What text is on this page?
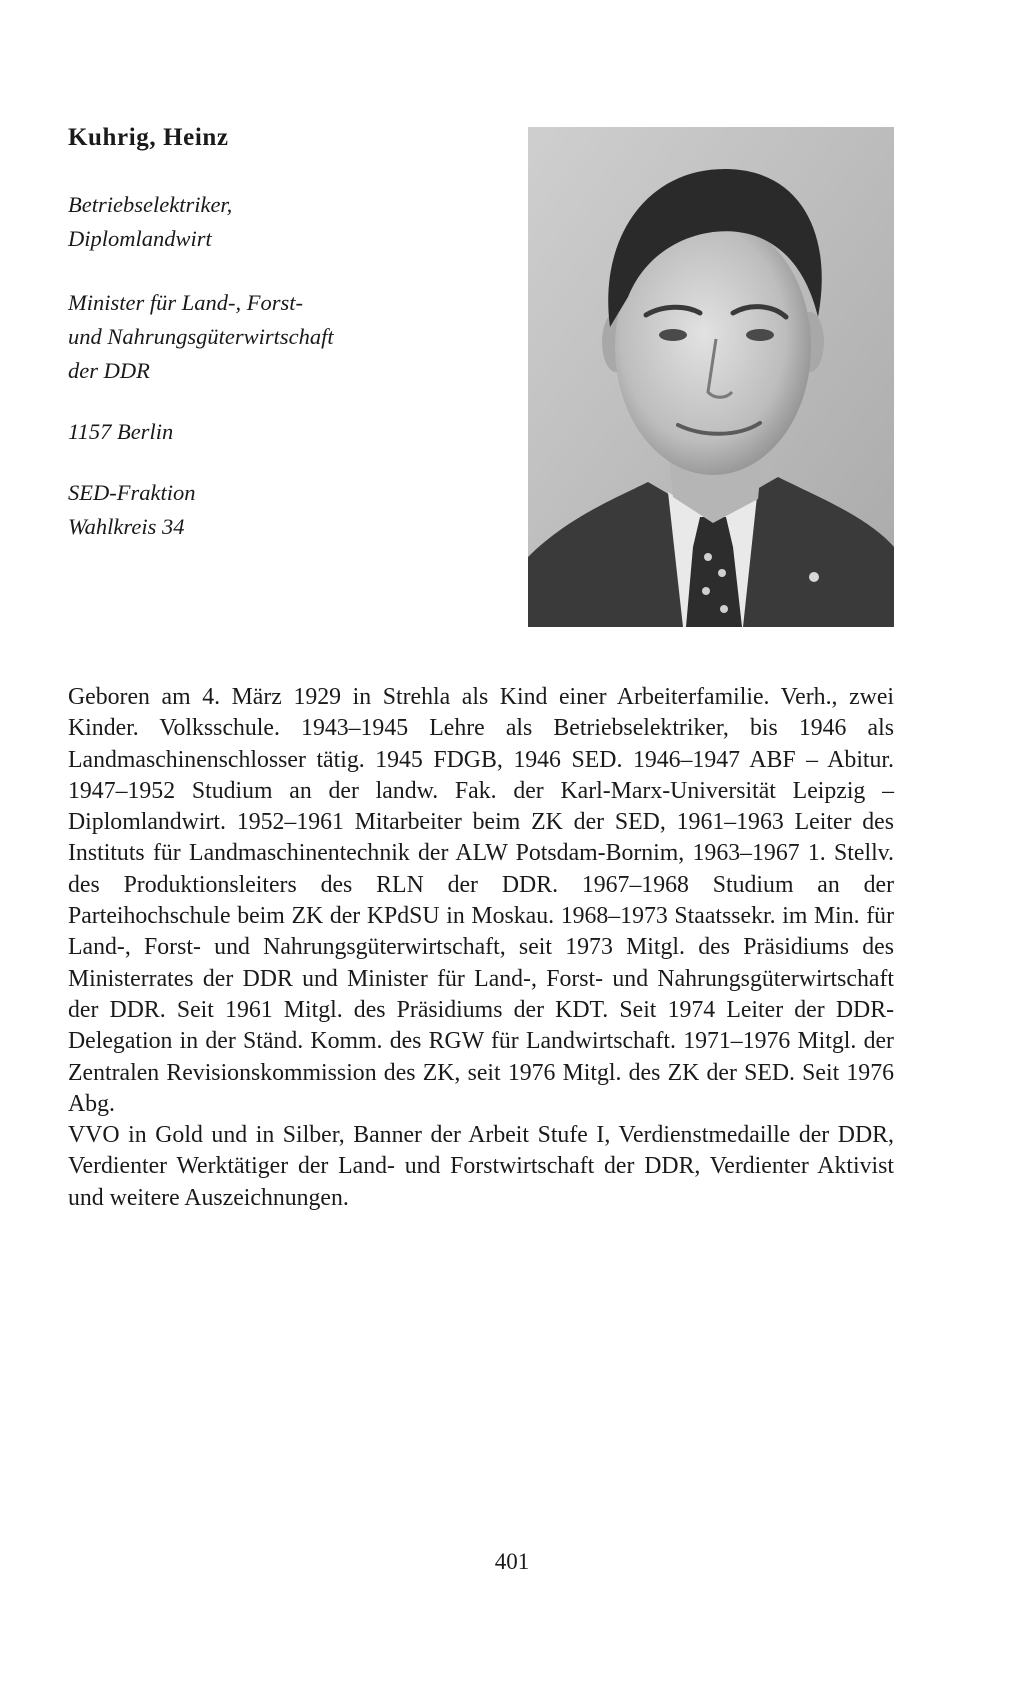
Kuhrig, Heinz
Betriebselektriker,
Diplomlandwirt
Minister für Land-, Forst-
und Nahrungsgüterwirtschaft
der DDR
1157 Berlin
SED-Fraktion
Wahlkreis 34

Geboren am 4. März 1929 in Strehla als Kind einer Arbeiterfamilie. Verh., zwei Kinder. Volksschule. 1943–1945 Lehre als Betriebselektriker, bis 1946 als Landmaschinenschlosser tätig. 1945 FDGB, 1946 SED. 1946–1947 ABF – Abitur. 1947–1952 Studium an der landw. Fak. der Karl-Marx-Universität Leipzig – Diplomlandwirt. 1952–1961 Mitarbeiter beim ZK der SED, 1961–1963 Leiter des Instituts für Landmaschinentechnik der ALW Potsdam-Bornim, 1963–1967 1. Stellv. des Produktionsleiters des RLN der DDR. 1967–1968 Studium an der Parteihochschule beim ZK der KPdSU in Moskau. 1968–1973 Staatssekr. im Min. für Land-, Forst- und Nahrungsgüterwirtschaft, seit 1973 Mitgl. des Präsidiums des Ministerrates der DDR und Minister für Land-, Forst- und Nahrungsgüterwirtschaft der DDR. Seit 1961 Mitgl. des Präsidiums der KDT. Seit 1974 Leiter der DDR-Delegation in der Ständ. Komm. des RGW für Landwirtschaft. 1971–1976 Mitgl. der Zentralen Revisionskommission des ZK, seit 1976 Mitgl. des ZK der SED. Seit 1976 Abg.

VVO in Gold und in Silber, Banner der Arbeit Stufe I, Verdienstmedaille der DDR, Verdienter Werktätiger der Land- und Forstwirtschaft der DDR, Verdienter Aktivist und weitere Auszeichnungen.

401
